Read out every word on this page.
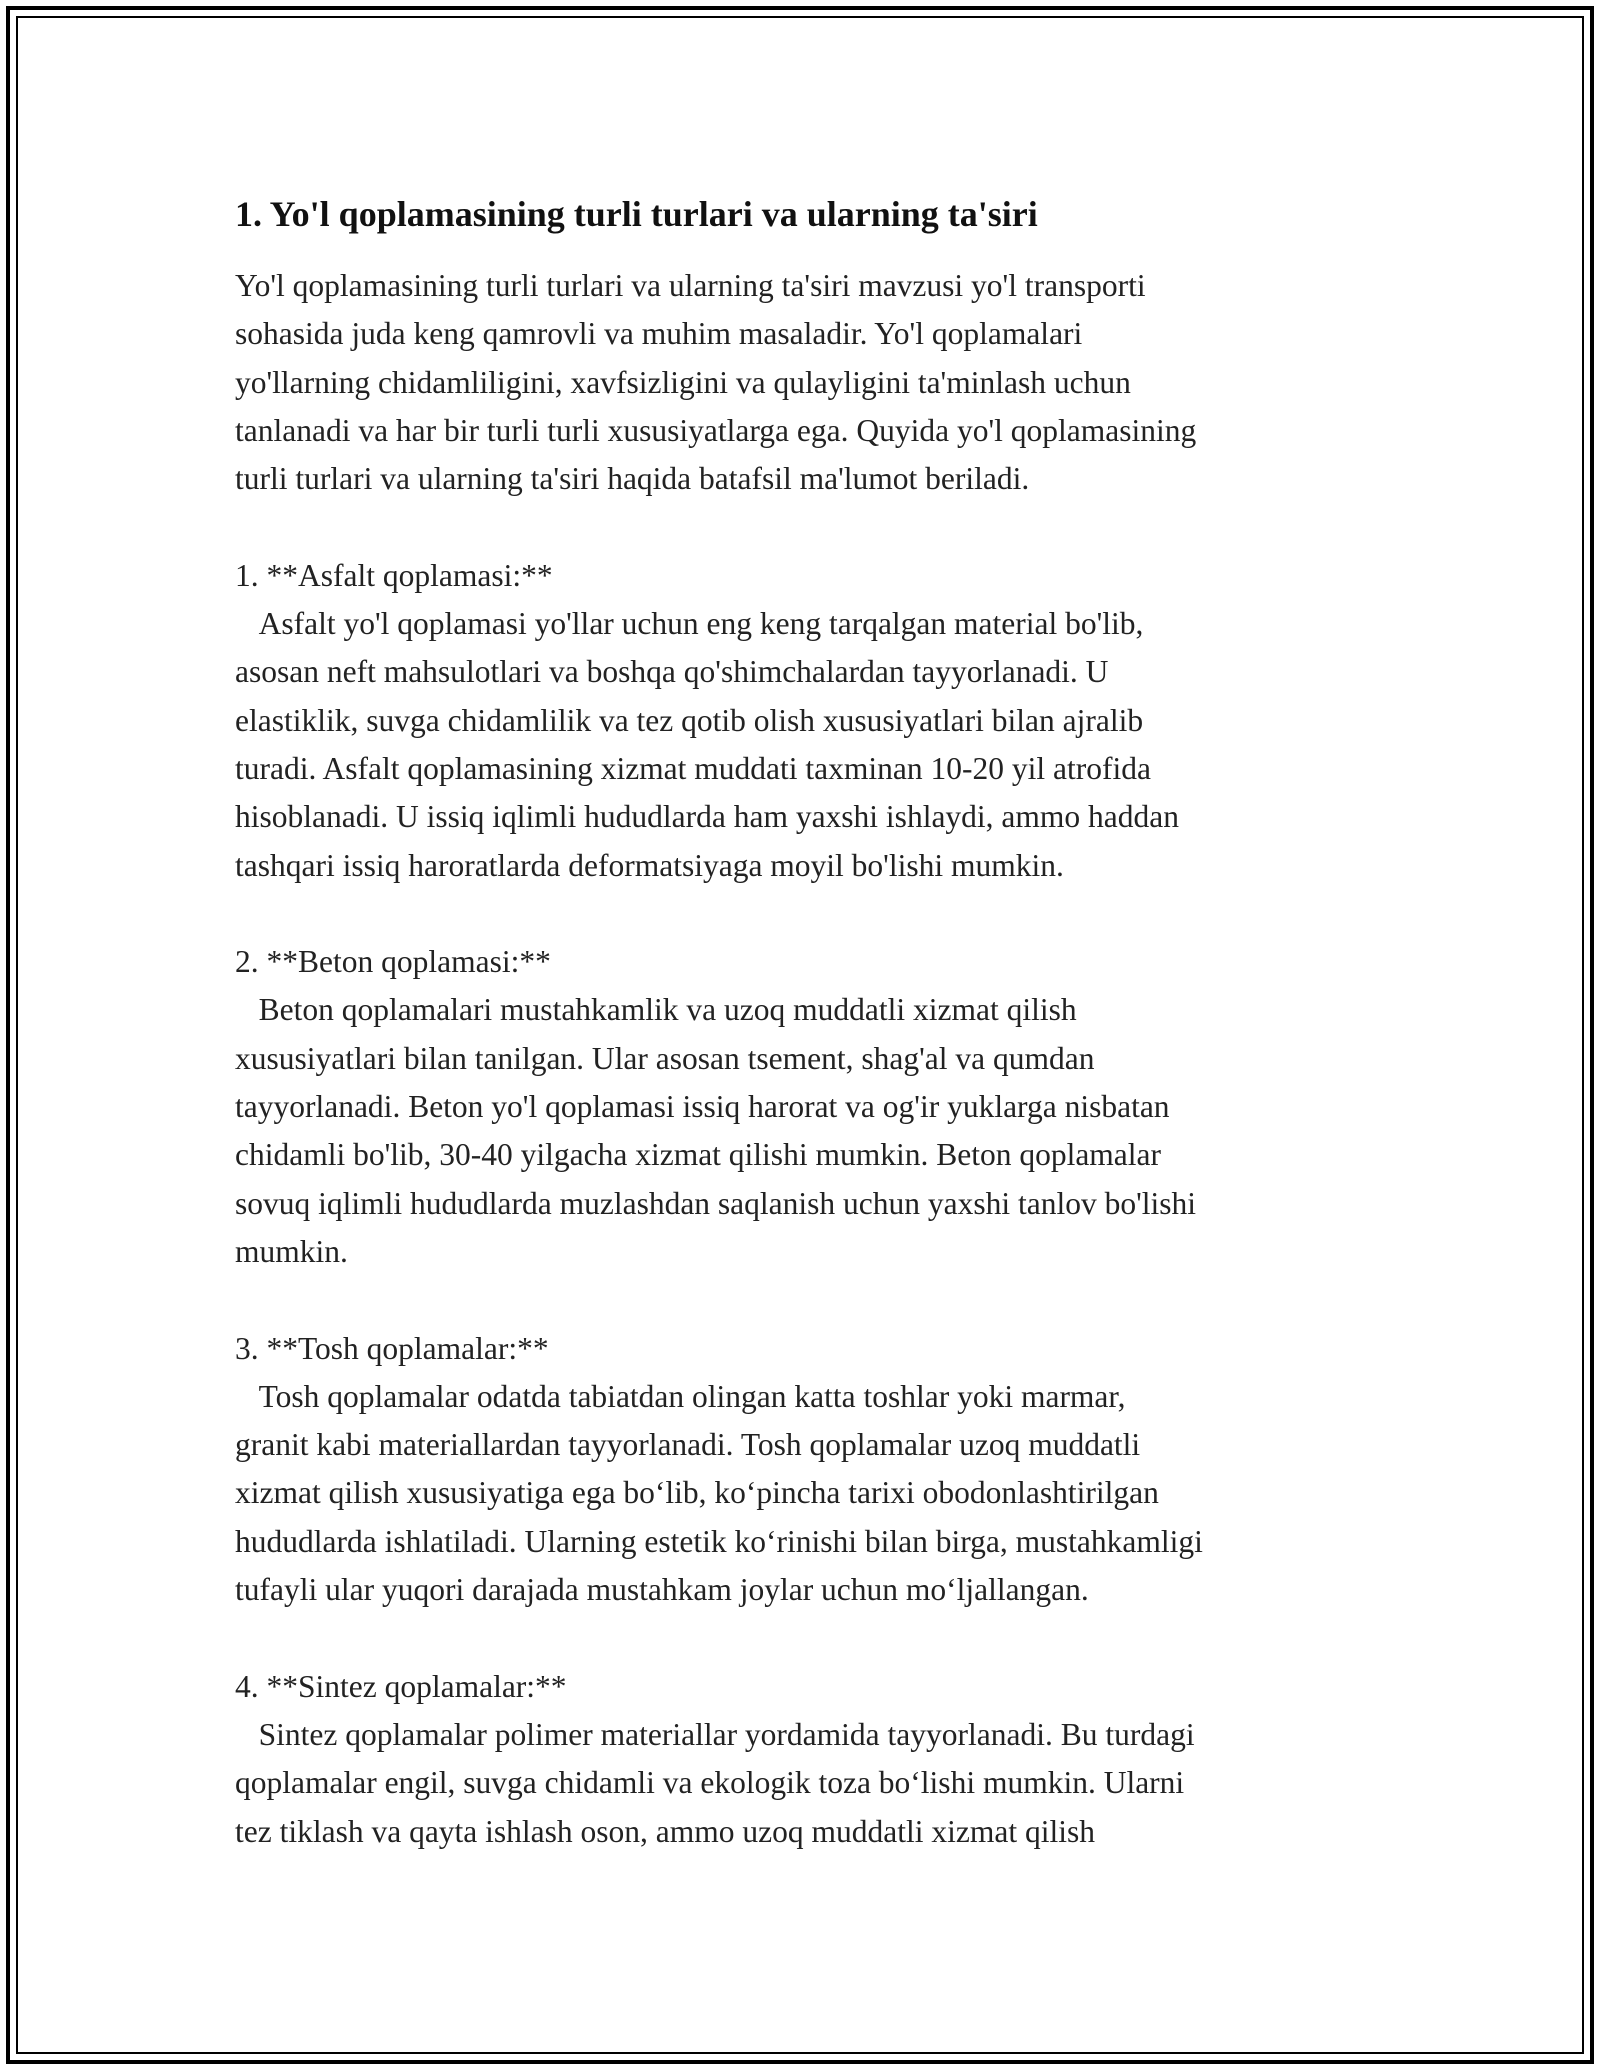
1. Yo'l qoplamasining turli turlari va ularning ta'siri

Yo'l qoplamasining turli turlari va ularning ta'siri mavzusi yo'l transporti
sohasida juda keng qamrovli va muhim masaladir. Yo'l qoplamalari
yo'llarning chidamliligini, xavfsizligini va qulayligini ta'minlash uchun
tanlanadi va har bir turli turli xususiyatlarga ega. Quyida yo'l qoplamasining
turli turlari va ularning ta'siri haqida batafsil ma'lumot beriladi.

1. **Asfalt qoplamasi:**

Asfalt yo'l qoplamasi yo'llar uchun eng keng tarqalgan material bo'lib,
asosan neft mahsulotlari va boshqa qo'shimchalardan tayyorlanadi. U
elastiklik, suvga chidamlilik va tez qotib olish xususiyatlari bilan ajralib
turadi. Asfalt qoplamasining xizmat muddati taxminan 10-20 yil atrofida
hisoblanadi. U issiq iqlimli hududlarda ham yaxshi ishlaydi, ammo haddan
tashqari issiq haroratlarda deformatsiyaga moyil bo'lishi mumkin.

2. **Beton qoplamasi:**

Beton qoplamalari mustahkamlik va uzoq muddatli xizmat qilish
xususiyatlari bilan tanilgan. Ular asosan tsement, shag'al va qumdan
tayyorlanadi. Beton yo'l qoplamasi issiq harorat va og'ir yuklarga nisbatan
chidamli bo'lib, 30-40 yilgacha xizmat qilishi mumkin. Beton qoplamalar
sovuq iqlimli hududlarda muzlashdan saqlanish uchun yaxshi tanlov bo'lishi
mumkin.

3. **Tosh qoplamalar:**

Tosh qoplamalar odatda tabiatdan olingan katta toshlar yoki marmar,
granit kabi materiallardan tayyorlanadi. Tosh qoplamalar uzoq muddatli
xizmat qilish xususiyatiga ega bo‘lib, ko‘pincha tarixi obodonlashtirilgan
hududlarda ishlatiladi. Ularning estetik ko‘rinishi bilan birga, mustahkamligi
tufayli ular yuqori darajada mustahkam joylar uchun mo‘ljallangan.

4. **Sintez qoplamalar:**

Sintez qoplamalar polimer materiallar yordamida tayyorlanadi. Bu turdagi
qoplamalar engil, suvga chidamli va ekologik toza bo‘lishi mumkin. Ularni
tez tiklash va qayta ishlash oson, ammo uzoq muddatli xizmat qilish
